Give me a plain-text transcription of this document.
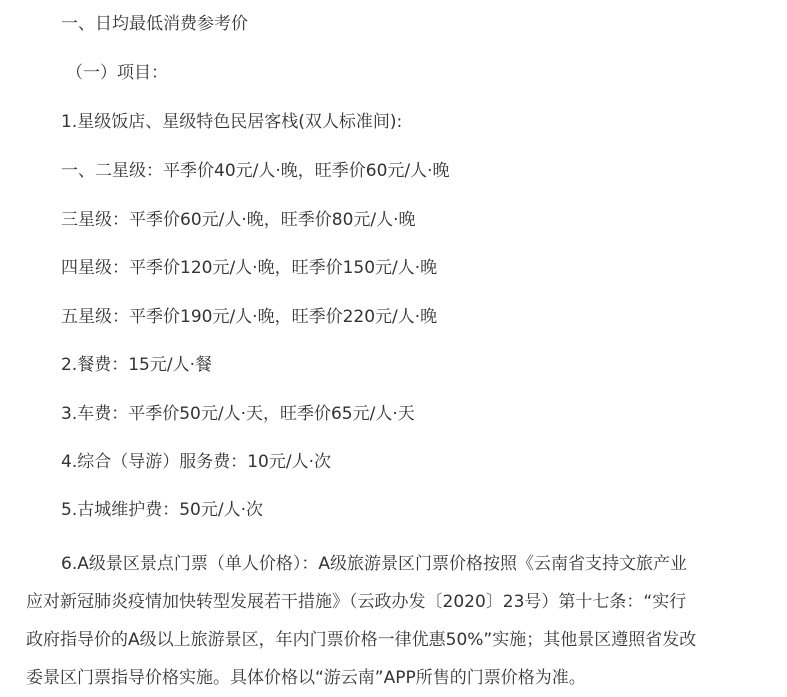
一、日均最低消费参考价
（一）项目：
1.星级饭店、星级特色民居客栈(双人标准间):
一、二星级：平季价40元/人·晚，旺季价60元/人·晚
三星级：平季价60元/人·晚，旺季价80元/人·晚
四星级：平季价120元/人·晚，旺季价150元/人·晚
五星级：平季价190元/人·晚，旺季价220元/人·晚
2.餐费：15元/人·餐
3.车费：平季价50元/人·天，旺季价65元/人·天
4.综合（导游）服务费：10元/人·次
5.古城维护费：50元/人·次
6.A级景区景点门票（单人价格）：A级旅游景区门票价格按照《云南省支持文旅产业
应对新冠肺炎疫情加快转型发展若干措施》（云政办发〔2020〕23号）第十七条：“实行
政府指导价的A级以上旅游景区，年内门票价格一律优惠50%”实施；其他景区遵照省发改
委景区门票指导价格实施。具体价格以“游云南”APP所售的门票价格为准。
